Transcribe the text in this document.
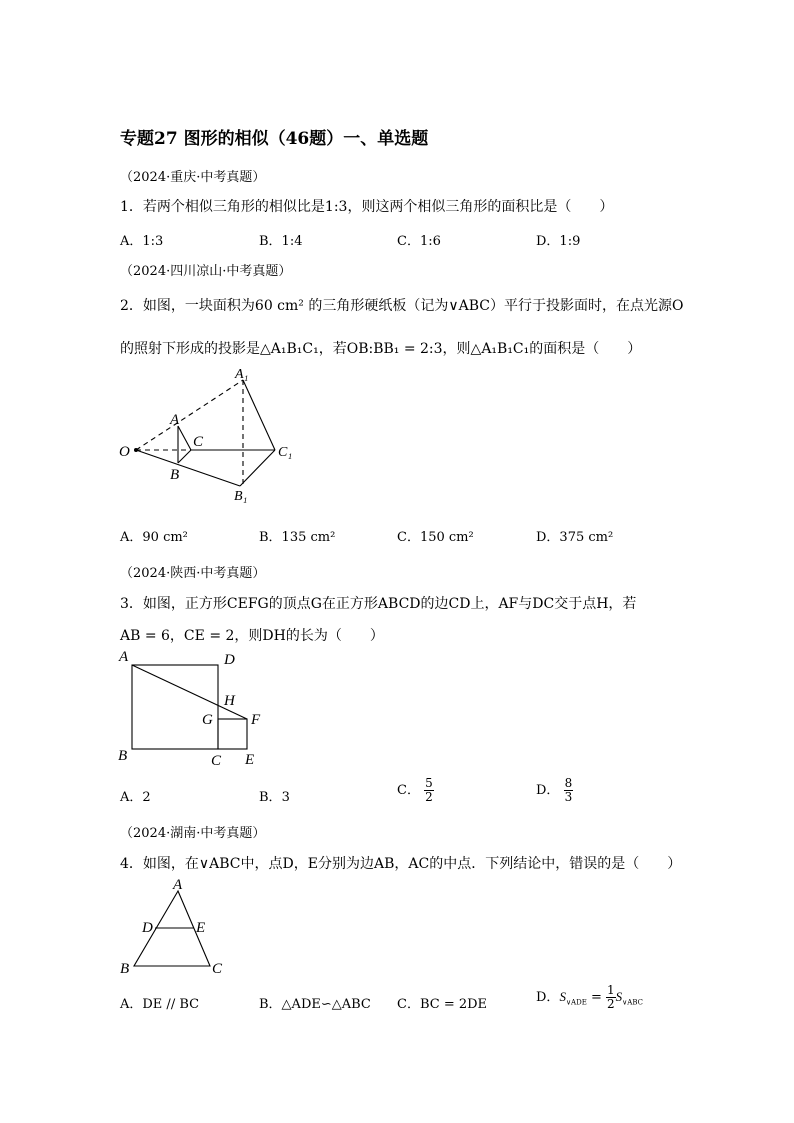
专题27 图形的相似（46题）一、单选题
（2024·重庆·中考真题）
1．若两个相似三角形的相似比是1:3，则这两个相似三角形的面积比是（　　）
A．1:3	B．1:4	C．1:6	D．1:9
（2024·四川凉山·中考真题）
2．如图，一块面积为60 cm² 的三角形硬纸板（记为∨ABC）平行于投影面时，在点光源O
的照射下形成的投影是△A₁B₁C₁，若OB:BB₁ = 2:3，则△A₁B₁C₁的面积是（　　）
O
A
B
C
A₁
B₁
C₁
A．90 cm²	B．135 cm²	C．150 cm²	D．375 cm²
（2024·陕西·中考真题）
3．如图，正方形CEFG的顶点G在正方形ABCD的边CD上，AF与DC交于点H，若
AB = 6，CE = 2，则DH的长为（　　）
A	D
H
G	F
B	C E
A．2	B．3	C． $\frac{5}{2}$	D． $\frac{8}{3}$
（2024·湖南·中考真题）
4．如图，在∨ABC中，点D，E分别为边AB，AC的中点．下列结论中，错误的是（　　）
A
D	E
B	C
A．DE // BC	B．△ADE∽△ABC C．BC = 2DE	D．$S_{\vee ADE} = \frac{1}{2} S_{\vee ABC}$
